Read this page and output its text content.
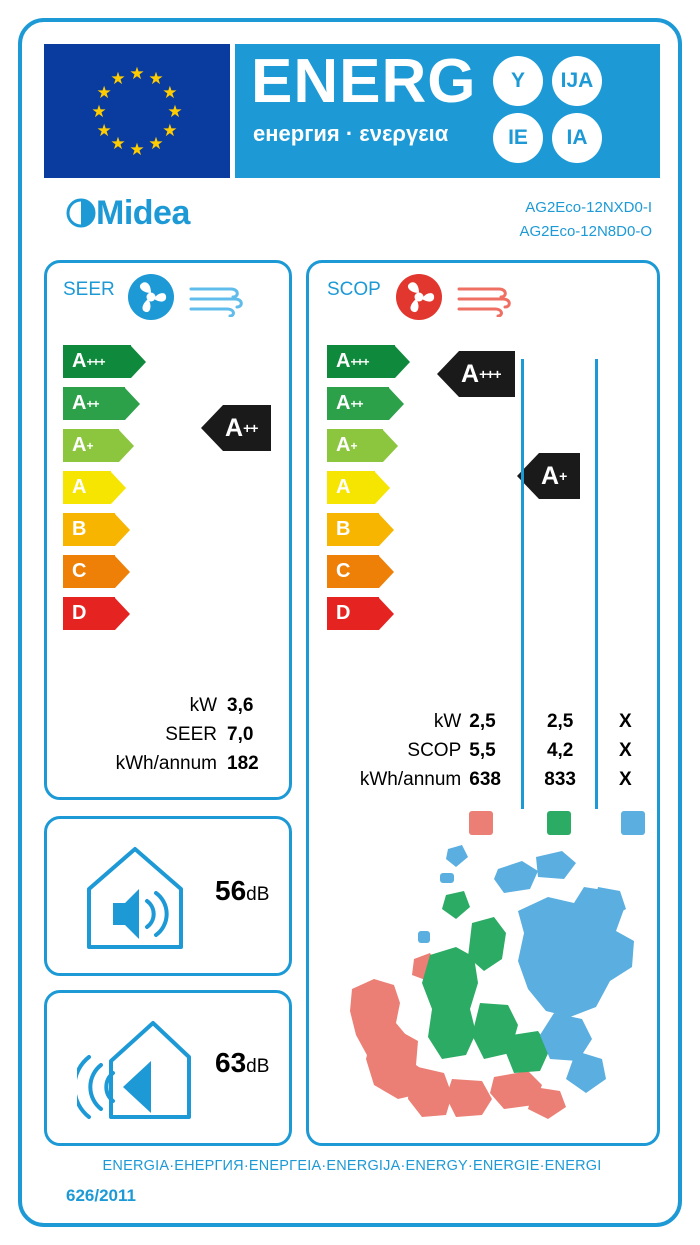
★ ★
★
★
★
★
★
★
★
★
★
★ ENERG
енергия · ενεργεια
Y	IJA
IE	IA
Midea	AG2Eco-12NXD0-I
AG2Eco-12N8D0-O
SEER
A +++
A ++
A +
A
B
C
D
A ++
kW 3,6
SEER 7,0
kWh/annum 182
SCOP
A +++
A ++
A +
A
B
C
D
A +++
A +
kW 2,5	2,5	X
SCOP 5,5	4,2	X
kWh/annum 638	833	X
56dB
63dB
ENERGIA·ЕНЕРГИЯ·ΕΝΕΡΓΕΙΑ·ENERGIJA·ENERGY·ENERGIE·ENERGI
626/2011
